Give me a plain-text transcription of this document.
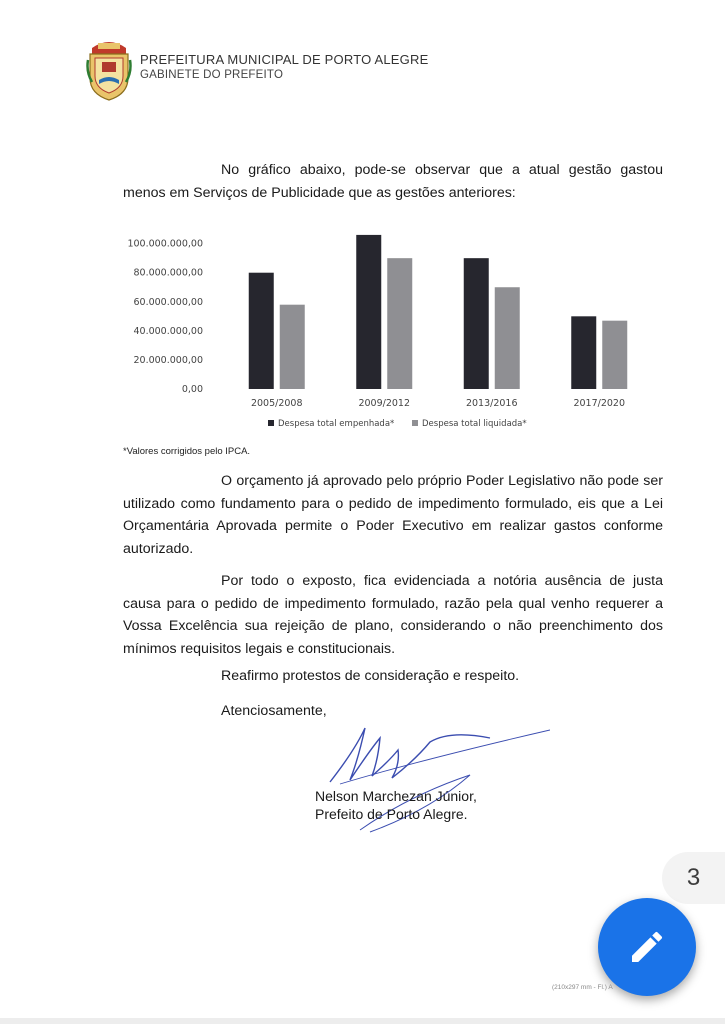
PREFEITURA MUNICIPAL DE PORTO ALEGRE
GABINETE DO PREFEITO
No gráfico abaixo, pode-se observar que a atual gestão gastou menos em Serviços de Publicidade que as gestões anteriores:
0,00
20.000.000,00
40.000.000,00
60.000.000,00
80.000.000,00
100.000.000,00
2005/2008	2009/2012	2013/2016	2017/2020
Despesa total empenhada*	Despesa total liquidada*
*Valores corrigidos pelo IPCA.
O orçamento já aprovado pelo próprio Poder Legislativo não pode ser utilizado como fundamento para o pedido de impedimento formulado, eis que a Lei Orçamentária Aprovada permite o Poder Executivo em realizar gastos conforme autorizado.
Por todo o exposto, fica evidenciada a notória ausência de justa causa para o pedido de impedimento formulado, razão pela qual venho requerer a Vossa Excelência sua rejeição de plano, considerando o não preenchimento dos mínimos requisitos legais e constitucionais.
Reafirmo protestos de consideração e respeito.
Atenciosamente,
Nelson Marchezan Júnior,
Prefeito de Porto Alegre.
3
(210x297 mm - Fl.) A
